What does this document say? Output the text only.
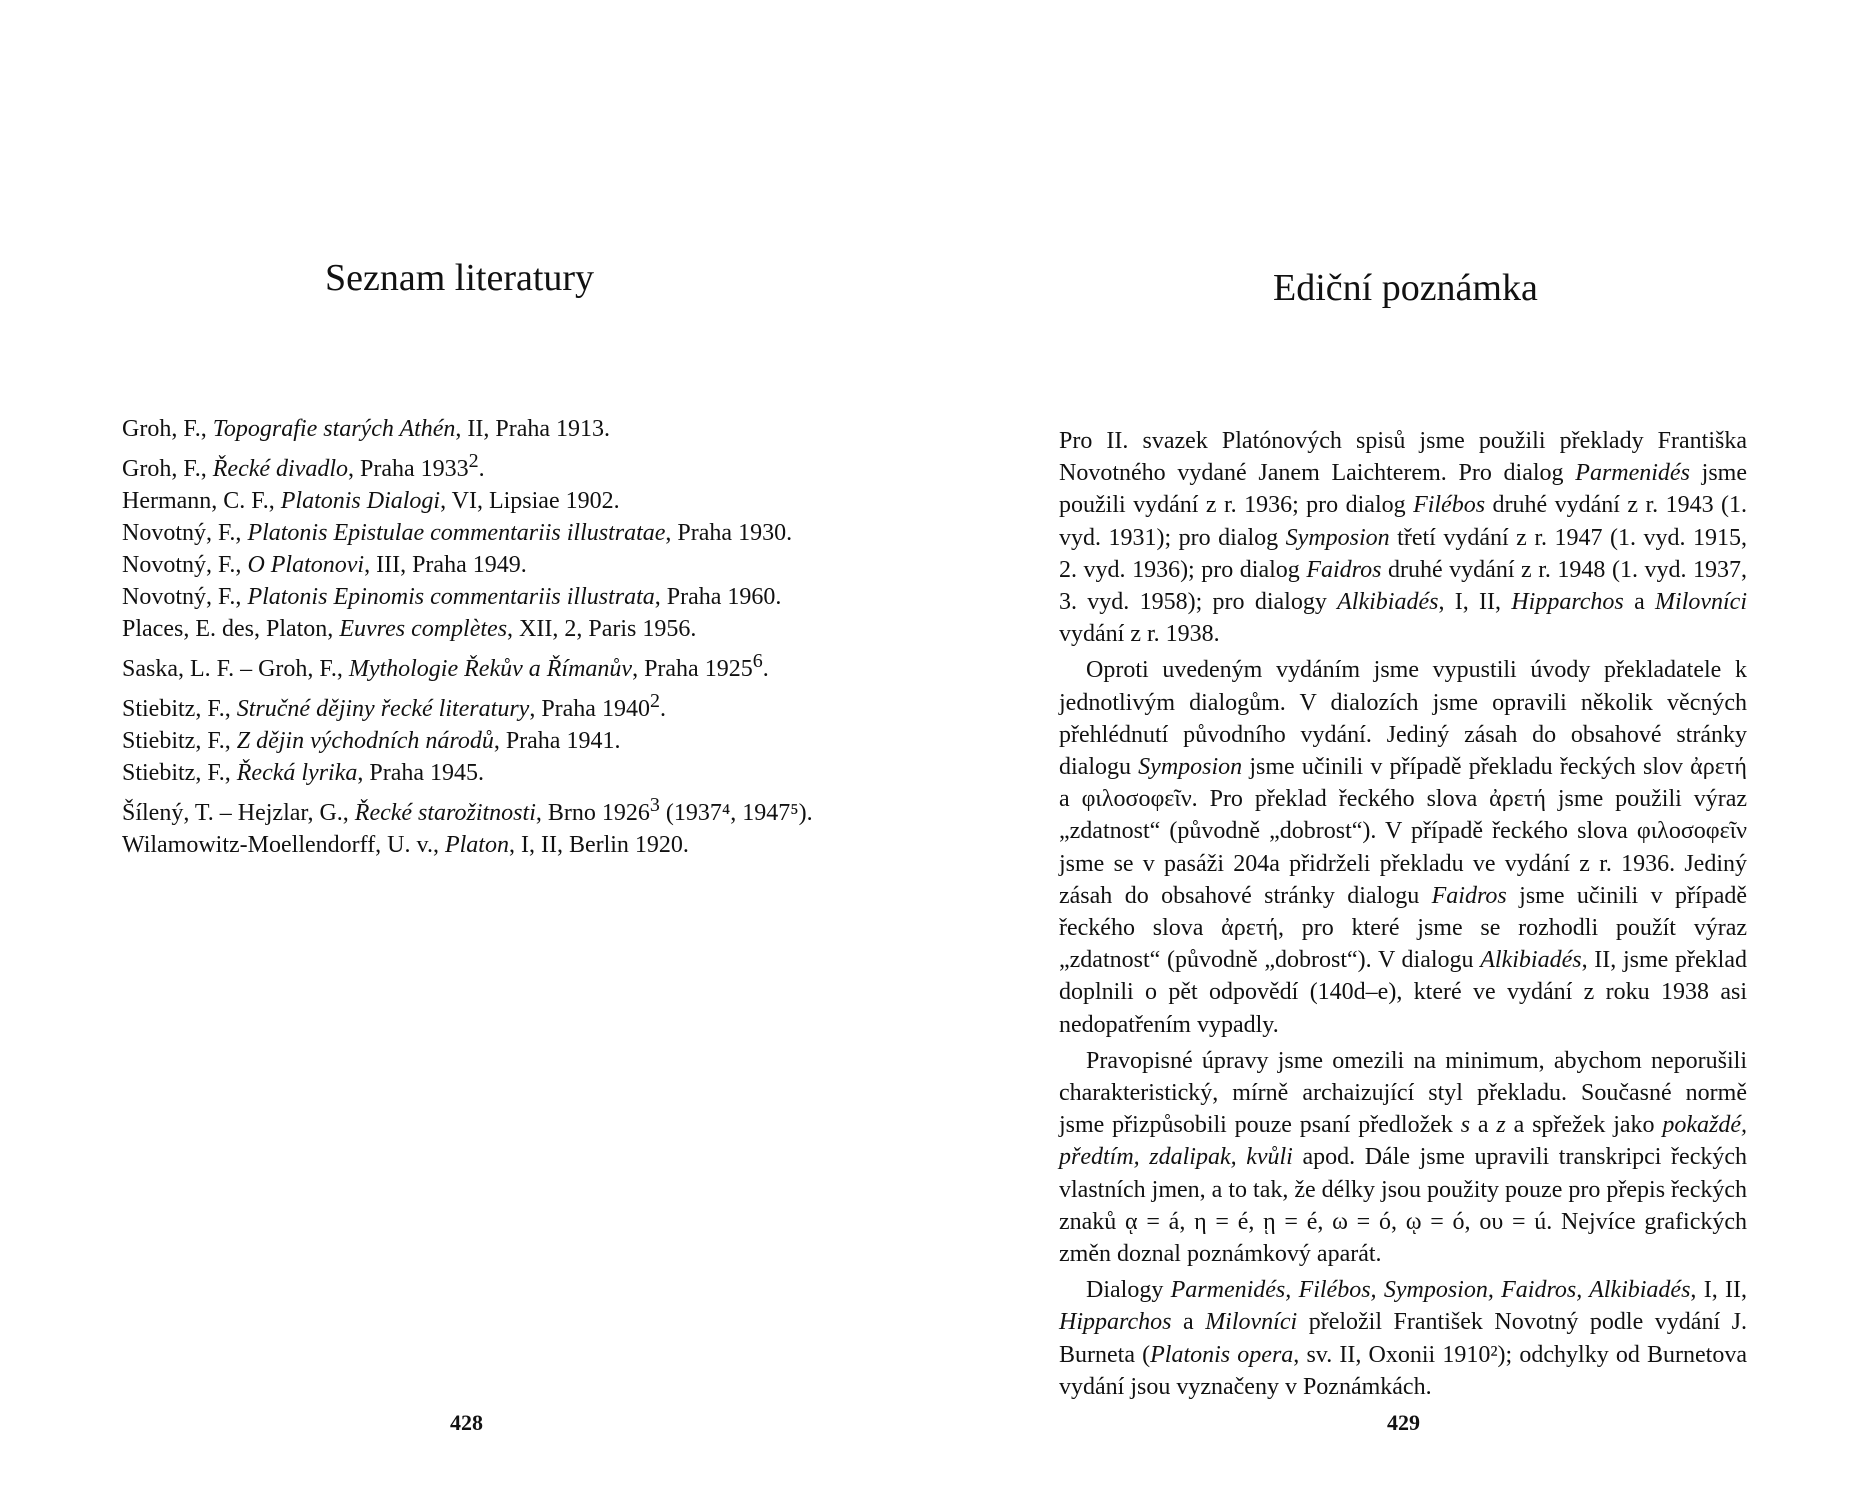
Seznam literatury
Groh, F., Topografie starých Athén, II, Praha 1913.
Groh, F., Řecké divadlo, Praha 1933$^2$.
Hermann, C. F., Platonis Dialogi, VI, Lipsiae 1902.
Novotný, F., Platonis Epistulae commentariis illustratae, Praha 1930.
Novotný, F., O Platonovi, III, Praha 1949.
Novotný, F., Platonis Epinomis commentariis illustrata, Praha 1960.
Places, E. des, Platon, Euvres complètes, XII, 2, Paris 1956.
Saska, L. F. – Groh, F., Mythologie Řekův a Římanův, Praha 1925$^6$.
Stiebitz, F., Stručné dějiny řecké literatury, Praha 1940$^2$.
Stiebitz, F., Z dějin východních národů, Praha 1941.
Stiebitz, F., Řecká lyrika, Praha 1945.
Šílený, T. – Hejzlar, G., Řecké starožitnosti, Brno 1926$^3$ (1937⁴, 1947⁵).
Wilamowitz-Moellendorff, U. v., Platon, I, II, Berlin 1920.
428
Ediční poznámka

Pro II. svazek Platónových spisů jsme použili překlady Františka Novotného vydané Janem Laichterem. Pro dialog Parmenidés jsme použili vydání z r. 1936; pro dialog Filébos druhé vydání z r. 1943 (1. vyd. 1931); pro dialog Symposion třetí vydání z r. 1947 (1. vyd. 1915, 2. vyd. 1936); pro dialog Faidros druhé vydání z r. 1948 (1. vyd. 1937, 3. vyd. 1958); pro dialogy Alkibiadés, I, II, Hipparchos a Milovníci vydání z r. 1938.

Oproti uvedeným vydáním jsme vypustili úvody překladatele k jednotlivým dialogům. V dialozích jsme opravili několik věcných přehlédnutí původního vydání. Jediný zásah do obsahové stránky dialogu Symposion jsme učinili v případě překladu řeckých slov ἀρετή a φιλοσοφεῖν. Pro překlad řeckého slova ἀρετή jsme použili výraz „zdatnost“ (původně „dobrost“). V případě řeckého slova φιλοσοφεῖν jsme se v pasáži 204a přidrželi překladu ve vydání z r. 1936. Jediný zásah do obsahové stránky dialogu Faidros jsme učinili v případě řeckého slova ἀρετή, pro které jsme se rozhodli použít výraz „zdatnost“ (původně „dobrost“). V dialogu Alkibiadés, II, jsme překlad doplnili o pět odpovědí (140d–e), které ve vydání z roku 1938 asi nedopatřením vypadly.

Pravopisné úpravy jsme omezili na minimum, abychom neporušili charakteristický, mírně archaizující styl překladu. Současné normě jsme přizpůsobili pouze psaní předložek s a z a spřežek jako pokaždé, předtím, zdalipak, kvůli apod. Dále jsme upravili transkripci řeckých vlastních jmen, a to tak, že délky jsou použity pouze pro přepis řeckých znaků ᾳ = á, η = é, ῃ = é, ω = ó, ῳ = ó, ου = ú. Nejvíce grafických změn doznal poznámkový aparát.

Dialogy Parmenidés, Filébos, Symposion, Faidros, Alkibiadés, I, II, Hipparchos a Milovníci přeložil František Novotný podle vydání J. Burneta (Platonis opera, sv. II, Oxonii 1910²); odchylky od Burnetova vydání jsou vyznačeny v Poznámkách.

429
